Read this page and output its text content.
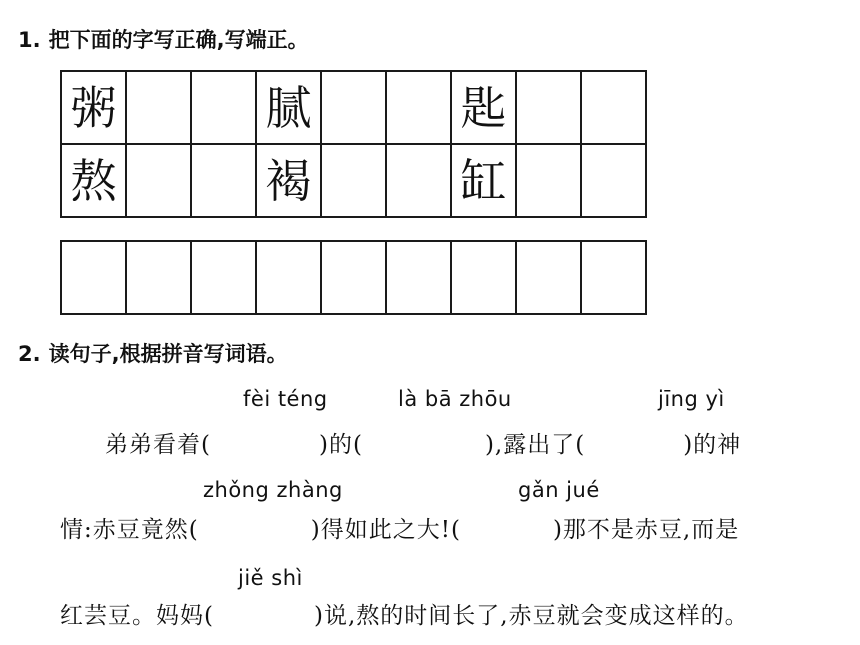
1. 把下面的字写正确,写端正。
粥			腻			匙		
熬			褐			缸		

2. 读句子,根据拼音写词语。
fèi téng	là bā zhōu	jīng yì
弟弟看着(	)的(	),露出了(	)的神
zhǒng zhàng	gǎn jué
情:赤豆竟然(	)得如此之大!(	)那不是赤豆,而是
jiě shì
红芸豆。妈妈(	)说,熬的时间长了,赤豆就会变成这样的。
